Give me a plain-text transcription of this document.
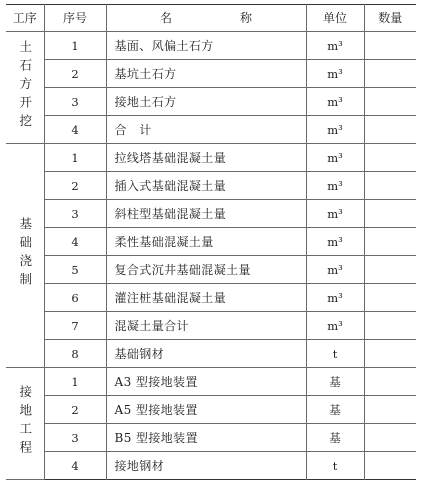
工序	序号	名　称	单位	数量
土石方开挖	1	基面、风偏土石方	m³	
	2	基坑土石方	m³	
	3	接地土石方	m³	
	4	合　计	m³	
基础浇制	1	拉线塔基础混凝土量	m³	
	2	插入式基础混凝土量	m³	
	3	斜柱型基础混凝土量	m³	
	4	柔性基础混凝土量	m³	
	5	复合式沉井基础混凝土量	m³	
	6	灌注桩基础混凝土量	m³	
	7	混凝土量合计	m³	
	8	基础钢材	t	
接地工程	1	A3 型接地装置	基	
	2	A5 型接地装置	基	
	3	B5 型接地装置	基	
	4	接地钢材	t	
